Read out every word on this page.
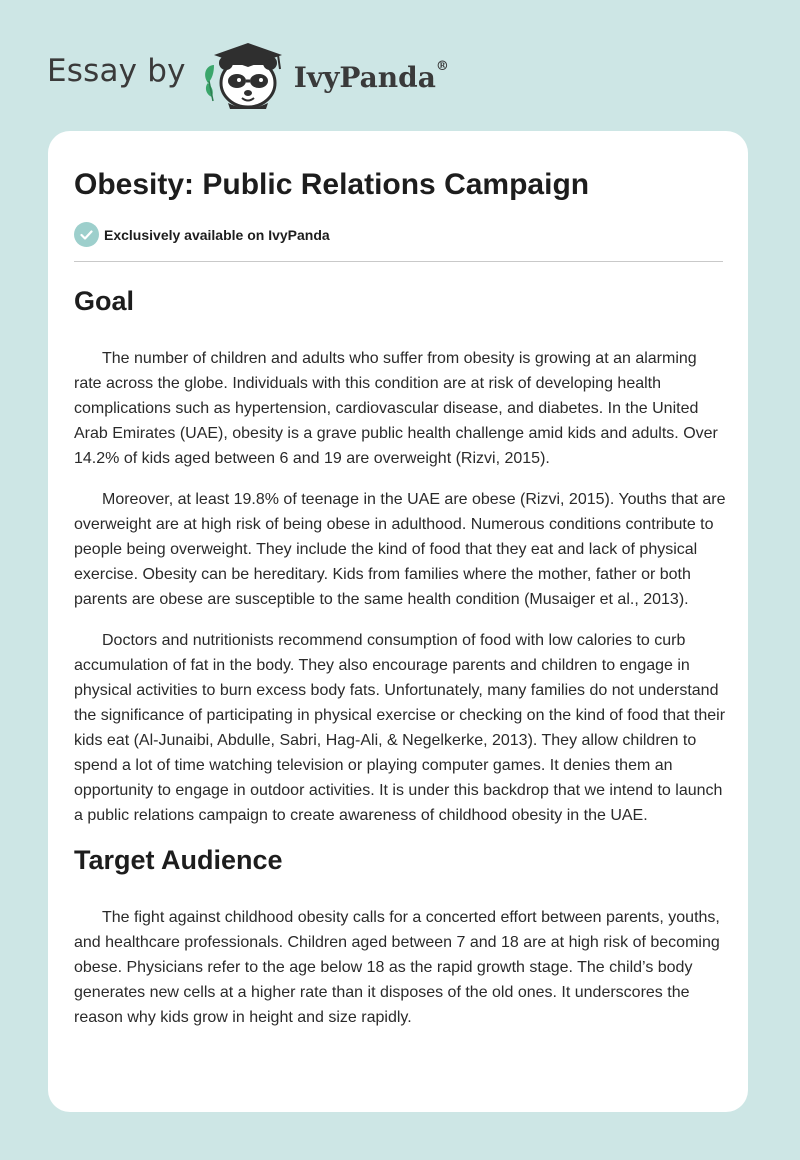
Essay by	IvyPanda®
Obesity: Public Relations Campaign
Exclusively available on IvyPanda
Goal

The number of children and adults who suffer from obesity is growing at an alarming rate across the globe. Individuals with this condition are at risk of developing health complications such as hypertension, cardiovascular disease, and diabetes. In the United Arab Emirates (UAE), obesity is a grave public health challenge amid kids and adults. Over 14.2% of kids aged between 6 and 19 are overweight (Rizvi, 2015).

Moreover, at least 19.8% of teenage in the UAE are obese (Rizvi, 2015). Youths that are overweight are at high risk of being obese in adulthood. Numerous conditions contribute to people being overweight. They include the kind of food that they eat and lack of physical exercise. Obesity can be hereditary. Kids from families where the mother, father or both parents are obese are susceptible to the same health condition (Musaiger et al., 2013).

Doctors and nutritionists recommend consumption of food with low calories to curb accumulation of fat in the body. They also encourage parents and children to engage in physical activities to burn excess body fats. Unfortunately, many families do not understand the significance of participating in physical exercise or checking on the kind of food that their kids eat (Al-Junaibi, Abdulle, Sabri, Hag-Ali, & Negelkerke, 2013). They allow children to spend a lot of time watching television or playing computer games. It denies them an opportunity to engage in outdoor activities. It is under this backdrop that we intend to launch a public relations campaign to create awareness of childhood obesity in the UAE.

Target Audience

The fight against childhood obesity calls for a concerted effort between parents, youths, and healthcare professionals. Children aged between 7 and 18 are at high risk of becoming obese. Physicians refer to the age below 18 as the rapid growth stage. The child’s body generates new cells at a higher rate than it disposes of the old ones. It underscores the reason why kids grow in height and size rapidly.
